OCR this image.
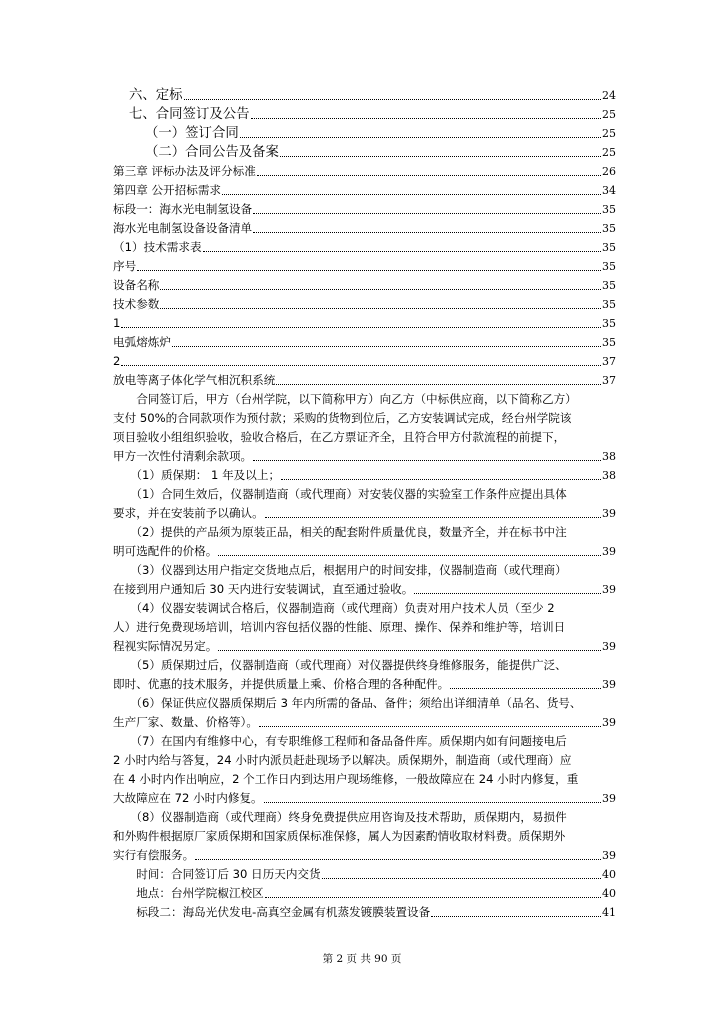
六、定标	24
七、合同签订及公告	25
（一）签订合同	25
（二）合同公告及备案	25
第三章 评标办法及评分标准	26
第四章 公开招标需求	34
标段一：海水光电制氢设备	35
海水光电制氢设备设备清单	35
（1）技术需求表	35
序号	35
设备名称	35
技术参数	35
1	35
电弧熔炼炉	35
2	37
放电等离子体化学气相沉积系统	37
　　合同签订后，甲方（台州学院，以下简称甲方）向乙方（中标供应商，以下简称乙方）
支付 50%的合同款项作为预付款；采购的货物到位后，乙方安装调试完成，经台州学院该
项目验收小组组织验收，验收合格后，在乙方票证齐全，且符合甲方付款流程的前提下，
甲方一次性付清剩余款项。	38
　　（1）质保期： 1 年及以上；	38
　　（1）合同生效后，仪器制造商（或代理商）对安装仪器的实验室工作条件应提出具体
要求，并在安装前予以确认。	39
　　（2）提供的产品须为原装正品，相关的配套附件质量优良，数量齐全，并在标书中注
明可选配件的价格。	39
　　（3）仪器到达用户指定交货地点后，根据用户的时间安排，仪器制造商（或代理商）
在接到用户通知后 30 天内进行安装调试，直至通过验收。	39
　　（4）仪器安装调试合格后，仪器制造商（或代理商）负责对用户技术人员（至少 2
人）进行免费现场培训，培训内容包括仪器的性能、原理、操作、保养和维护等，培训日
程视实际情况另定。	39
　　（5）质保期过后，仪器制造商（或代理商）对仪器提供终身维修服务，能提供广泛、
即时、优惠的技术服务，并提供质量上乘、价格合理的各种配件。	39
　　（6）保证供应仪器质保期后 3 年内所需的备品、备件；须给出详细清单（品名、货号、
生产厂家、数量、价格等）。	39
　　（7）在国内有维修中心，有专职维修工程师和备品备件库。质保期内如有问题接电后
2 小时内给与答复，24 小时内派员赶赴现场予以解决。质保期外，制造商（或代理商）应
在 4 小时内作出响应，2 个工作日内到达用户现场维修，一般故障应在 24 小时内修复，重
大故障应在 72 小时内修复。	39
　　（8）仪器制造商（或代理商）终身免费提供应用咨询及技术帮助，质保期内，易损件
和外购件根据原厂家质保期和国家质保标准保修，属人为因素酌情收取材料费。质保期外
实行有偿服务。	39
　　时间：合同签订后 30 日历天内交货	40
　　地点：台州学院椒江校区	40
　　标段二：海岛光伏发电-高真空金属有机蒸发镀膜装置设备	41
第 2 页 共 90 页
